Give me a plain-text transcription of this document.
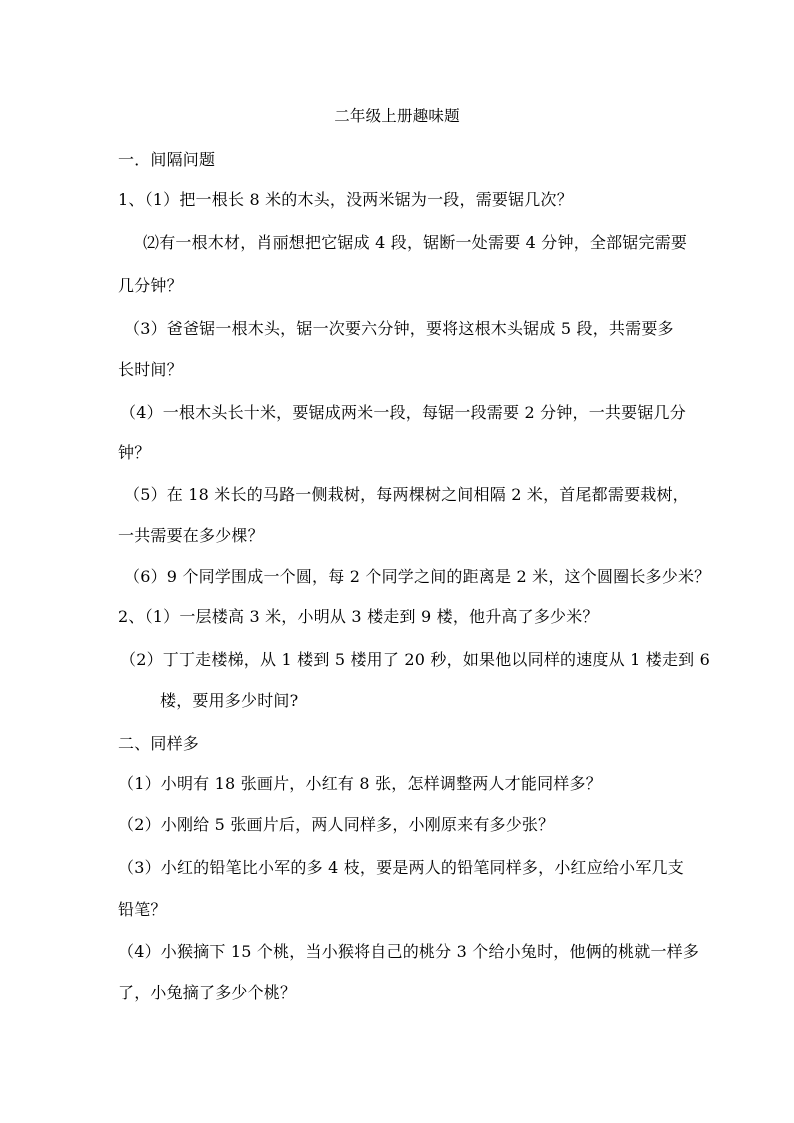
二年级上册趣味题
一．间隔问题
1、（1）把一根长 8 米的木头，没两米锯为一段，需要锯几次？
⑵有一根木材，肖丽想把它锯成 4 段，锯断一处需要 4 分钟，全部锯完需要
几分钟？
（3）爸爸锯一根木头，锯一次要六分钟，要将这根木头锯成 5 段，共需要多
长时间？
（4）一根木头长十米，要锯成两米一段，每锯一段需要 2 分钟，一共要锯几分
钟？
（5）在 18 米长的马路一侧栽树，每两棵树之间相隔 2 米，首尾都需要栽树，
一共需要在多少棵？
（6）9 个同学围成一个圆，每 2 个同学之间的距离是 2 米，这个圆圈长多少米？
2、（1）一层楼高 3 米，小明从 3 楼走到 9 楼，他升高了多少米？
（2）丁丁走楼梯，从 1 楼到 5 楼用了 20 秒，如果他以同样的速度从 1 楼走到 6
楼，要用多少时间?
二、同样多
（1）小明有 18 张画片，小红有 8 张，怎样调整两人才能同样多？
（2）小刚给 5 张画片后，两人同样多，小刚原来有多少张？
（3）小红的铅笔比小军的多 4 枝，要是两人的铅笔同样多，小红应给小军几支
铅笔？
（4）小猴摘下 15 个桃，当小猴将自己的桃分 3 个给小兔时，他俩的桃就一样多
了，小兔摘了多少个桃？
